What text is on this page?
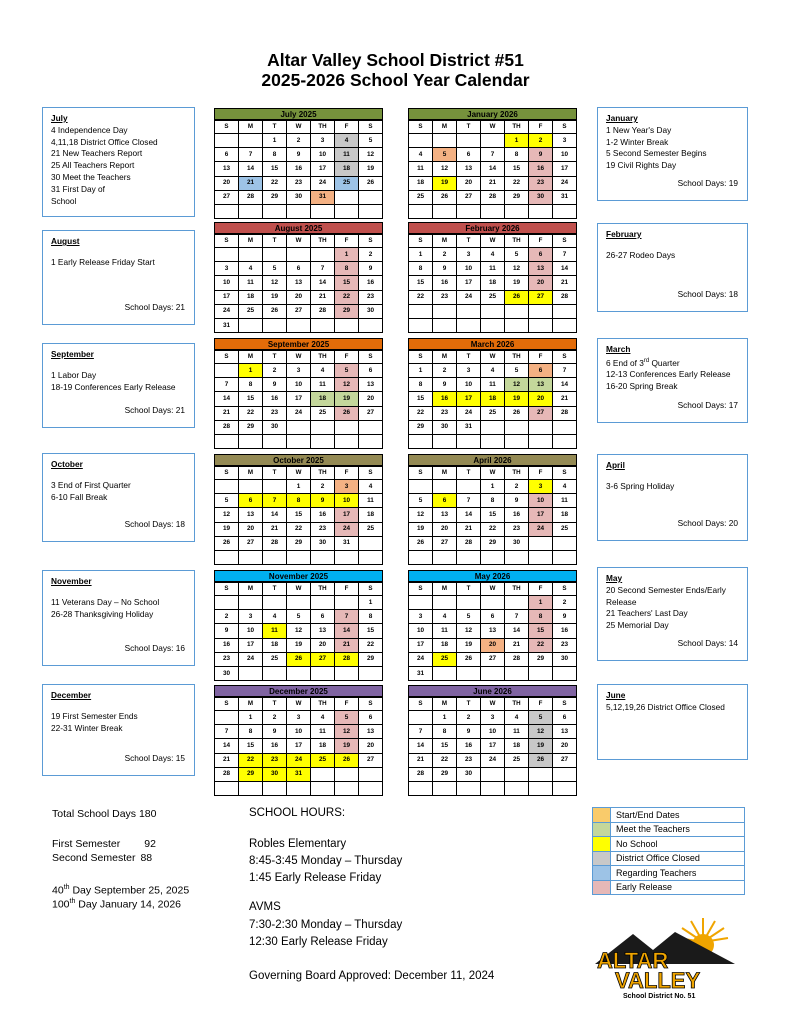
Altar Valley School District #51
2025-2026 School Year Calendar
July
4 Independence Day
4,11,18 District Office Closed
21 New Teachers Report
25 All Teachers Report
30 Meet the Teachers
31 First Day of
School
August
1 Early Release Friday Start
School Days: 21
September
1 Labor Day
18-19 Conferences Early Release
School Days: 21
October
3 End of First Quarter
6-10 Fall Break
School Days: 18
November
11 Veterans Day – No School
26-28 Thanksgiving Holiday
School Days: 16
December
19 First Semester Ends
22-31 Winter Break
School Days: 15
January
1 New Year's Day
1-2 Winter Break
5 Second Semester Begins
19 Civil Rights Day
School Days: 19
February
26-27 Rodeo Days
School Days: 18
March
6 End of 3rd Quarter
12-13 Conferences Early Release
16-20 Spring Break
School Days: 17
April
3-6 Spring Holiday
School Days: 20
May
20 Second Semester Ends/Early
Release
21 Teachers' Last Day
25 Memorial Day
School Days: 14
June
5,12,19,26 District Office Closed
July 2025
S	M	T	W	TH	F	S
		1	2	3	4	5
6	7	8	9	10	11	12
13	14	15	16	17	18	19
20	21	22	23	24	25	26
27	28	29	30	31		

August 2025
S	M	T	W	TH	F	S
					1	2
3	4	5	6	7	8	9
10	11	12	13	14	15	16
17	18	19	20	21	22	23
24	25	26	27	28	29	30
31						
September 2025
S	M	T	W	TH	F	S
	1	2	3	4	5	6
7	8	9	10	11	12	13
14	15	16	17	18	19	20
21	22	23	24	25	26	27
28	29	30				

October 2025
S	M	T	W	TH	F	S
			1	2	3	4
5	6	7	8	9	10	11
12	13	14	15	16	17	18
19	20	21	22	23	24	25
26	27	28	29	30	31	

November 2025
S	M	T	W	TH	F	S
						1
2	3	4	5	6	7	8
9	10	11	12	13	14	15
16	17	18	19	20	21	22
23	24	25	26	27	28	29
30						
December 2025
S	M	T	W	TH	F	S
	1	2	3	4	5	6
7	8	9	10	11	12	13
14	15	16	17	18	19	20
21	22	23	24	25	26	27
28	29	30	31			

January 2026
S	M	T	W	TH	F	S
				1	2	3
4	5	6	7	8	9	10
11	12	13	14	15	16	17
18	19	20	21	22	23	24
25	26	27	28	29	30	31

February 2026
S	M	T	W	TH	F	S
1	2	3	4	5	6	7
8	9	10	11	12	13	14
15	16	17	18	19	20	21
22	23	24	25	26	27	28

March 2026
S	M	T	W	TH	F	S
1	2	3	4	5	6	7
8	9	10	11	12	13	14
15	16	17	18	19	20	21
22	23	24	25	26	27	28
29	30	31				

April 2026
S	M	T	W	TH	F	S
			1	2	3	4
5	6	7	8	9	10	11
12	13	14	15	16	17	18
19	20	21	22	23	24	25
26	27	28	29	30		

May 2026
S	M	T	W	TH	F	S
					1	2
3	4	5	6	7	8	9
10	11	12	13	14	15	16
17	18	19	20	21	22	23
24	25	26	27	28	29	30
31						
June 2026
S	M	T	W	TH	F	S
	1	2	3	4	5	6
7	8	9	10	11	12	13
14	15	16	17	18	19	20
21	22	23	24	25	26	27
28	29	30				

Total School Days 180
First Semester 92
Second Semester 88
40th Day September 25, 2025
100th Day January 14, 2026
SCHOOL HOURS:
Robles Elementary
8:45-3:45 Monday – Thursday
1:45 Early Release Friday
AVMS
7:30-2:30 Monday – Thursday
12:30 Early Release Friday
Governing Board Approved: December 11, 2024
	Start/End Dates
	Meet the Teachers
	No School
	District Office Closed
	Regarding Teachers
	Early Release
ALTAR
VALLEY
School District No. 51
